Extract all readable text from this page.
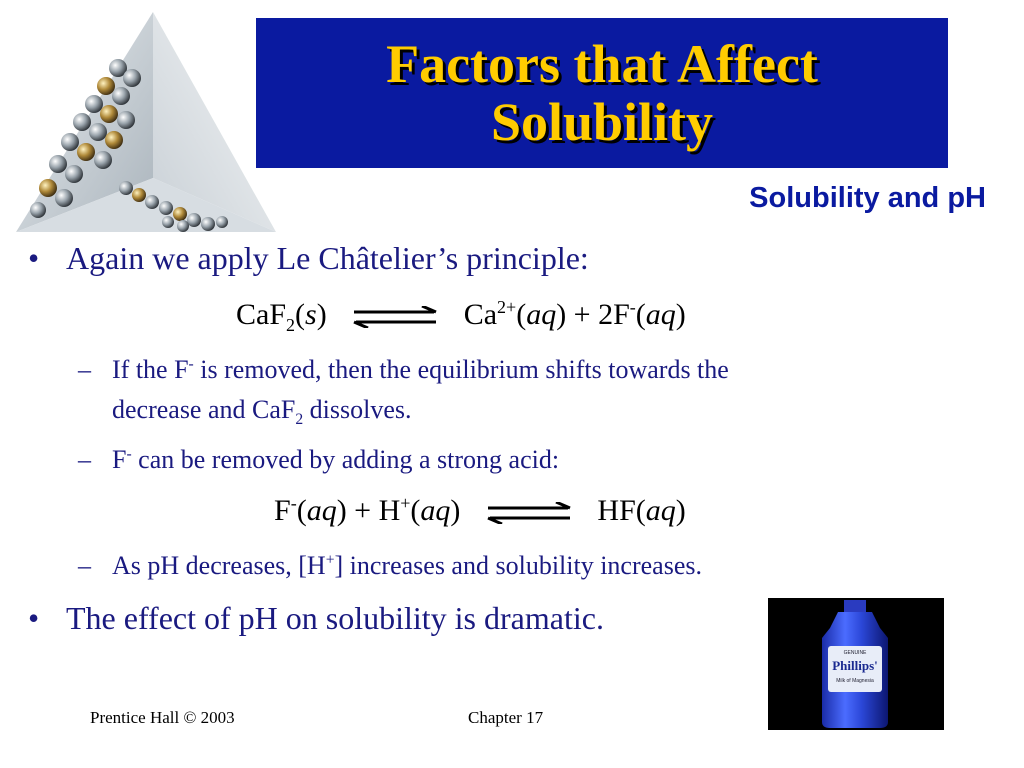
Factors that Affect
Solubility
Solubility and pH
• Again we apply Le Châtelier’s principle:
CaF$_2$(s) ⇌ $Ca^{2+}(aq) + 2F^-(aq)$
– If the F- is removed, then the equilibrium shifts towards the
decrease and CaF$_2$ dissolves.
– F- can be removed by adding a strong acid:
F-(aq) + H+(aq) ⇌ HF(aq)
– As pH decreases, [H+] increases and solubility increases.
• The effect of pH on solubility is dramatic.
GENUINE
Phillips'
Milk of Magnesia
Prentice Hall © 2003	Chapter 17
